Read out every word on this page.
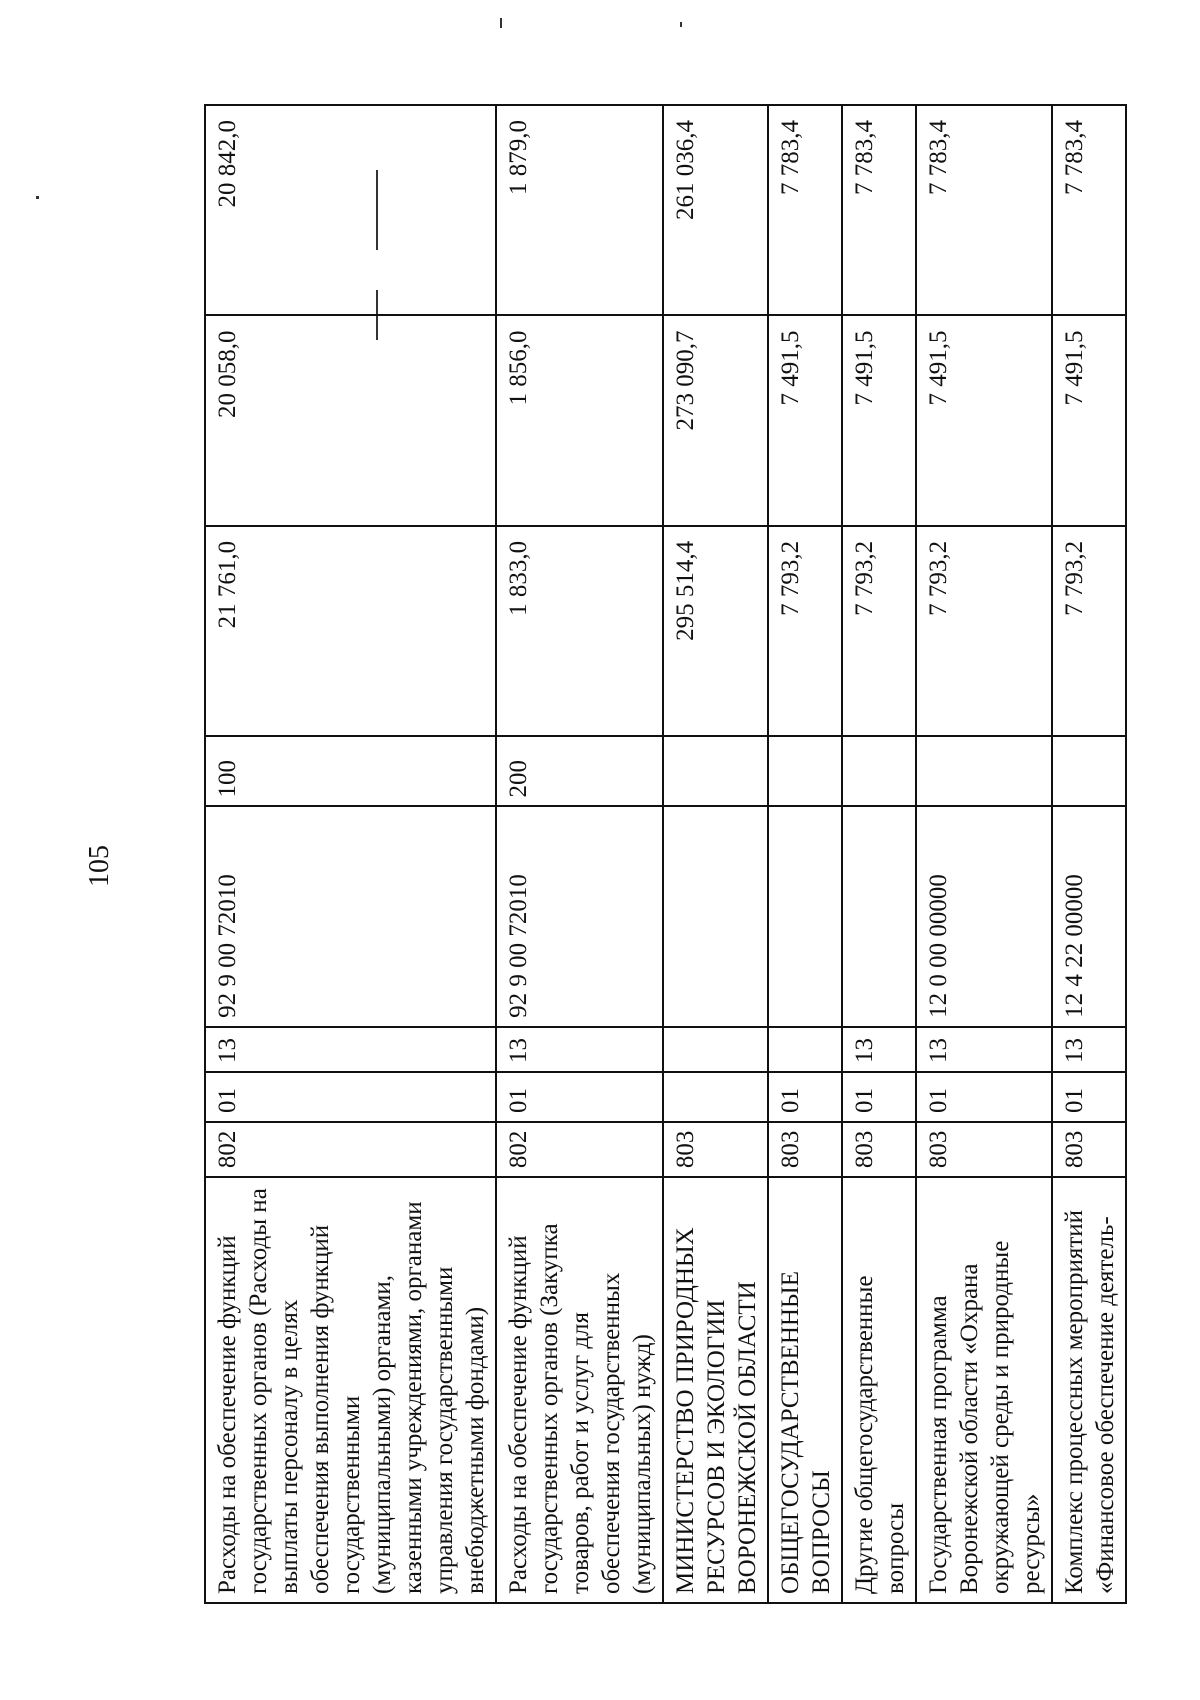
105
Расходы на обеспечение функций государственных органов (Расходы на выплаты персоналу в целях обеспечения выполнения функций государственными (муниципальными) органами, казенными учреждениями, органами управления государственными внебюджетными фондами)	802	01	13	92 9 00 72010	100	21 761,0	20 058,0	20 842,0
Расходы на обеспечение функций государственных органов (Закупка товаров, работ и услуг для обеспечения государственных (муниципальных) нужд)	802	01	13	92 9 00 72010	200	1 833,0	1 856,0	1 879,0
МИНИСТЕРСТВО ПРИРОДНЫХ РЕСУРСОВ И ЭКОЛОГИИ ВОРОНЕЖСКОЙ ОБЛАСТИ	803					295 514,4	273 090,7	261 036,4
ОБЩЕГОСУДАРСТВЕННЫЕ ВОПРОСЫ	803	01				7 793,2	7 491,5	7 783,4
Другие общегосударственные вопросы	803	01	13			7 793,2	7 491,5	7 783,4
Государственная программа Воронежской области «Охрана окружающей среды и природные ресурсы»	803	01	13	12 0 00 00000		7 793,2	7 491,5	7 783,4
Комплекс процессных мероприятий «Финансовое обеспечение деятель-	803	01	13	12 4 22 00000		7 793,2	7 491,5	7 783,4
